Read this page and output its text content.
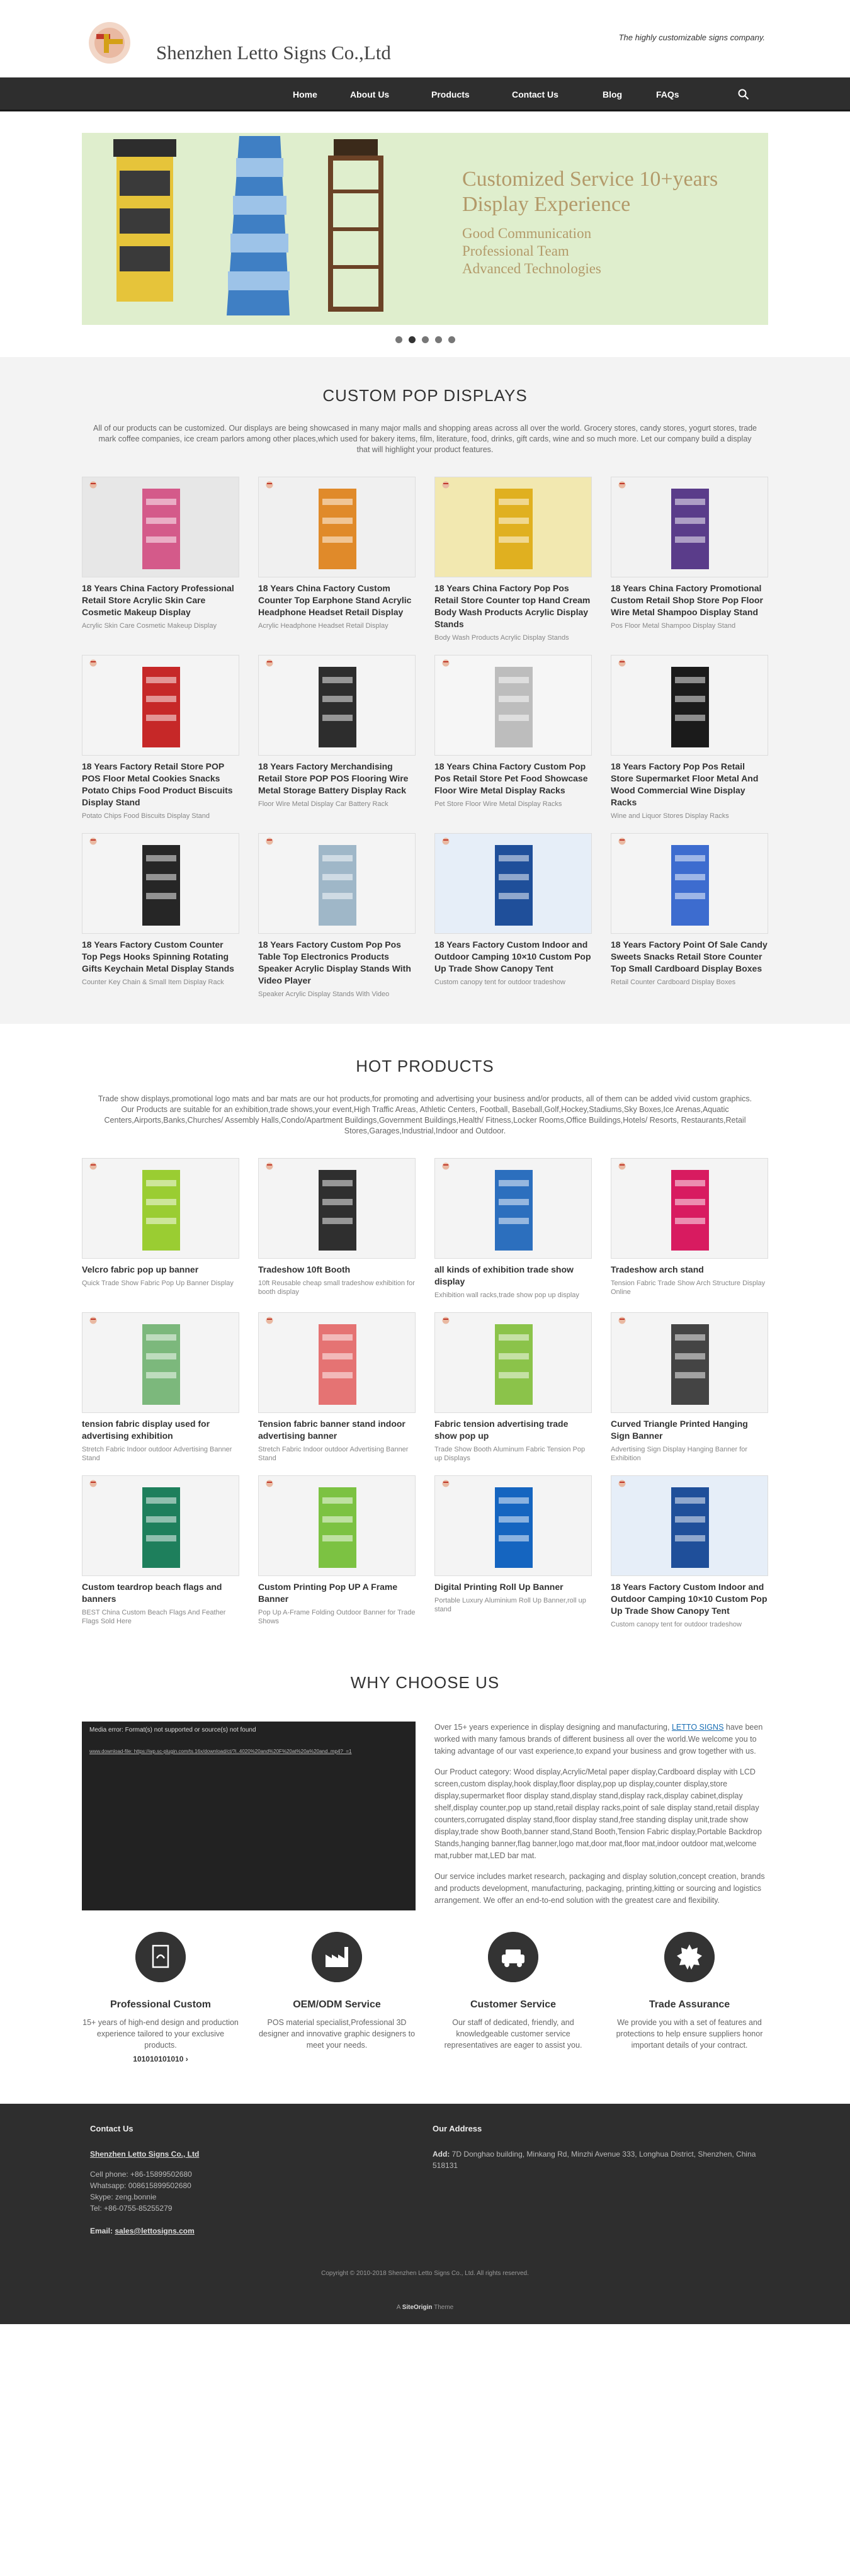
Shenzhen Letto Signs Co.,Ltd
The highly customizable signs company.
Home	About Us	Products	Contact Us	Blog	FAQs
Customized Service 10+years
Display Experience
Good Communication
Professional Team
Advanced Technologies
CUSTOM POP DISPLAYS

All of our products can be customized. Our displays are being showcased in many major malls and shopping areas across all over the world. Grocery stores, candy stores, yogurt stores, trade mark coffee companies, ice cream parlors among other places,which used for bakery items, film, literature, food, drinks, gift cards, wine and so much more. Let our company build a display that will highlight your product features.

18 Years China Factory Professional Retail Store Acrylic Skin Care Cosmetic Makeup Display
Acrylic Skin Care Cosmetic Makeup Display
18 Years China Factory Custom Counter Top Earphone Stand Acrylic Headphone Headset Retail Display
Acrylic Headphone Headset Retail Display
18 Years China Factory Pop Pos Retail Store Counter top Hand Cream Body Wash Products Acrylic Display Stands
Body Wash Products Acrylic Display Stands
18 Years China Factory Promotional Custom Retail Shop Store Pop Floor Wire Metal Shampoo Display Stand
Pos Floor Metal Shampoo Display Stand
18 Years Factory Retail Store POP POS Floor Metal Cookies Snacks Potato Chips Food Product Biscuits Display Stand
Potato Chips Food Biscuits Display Stand
18 Years Factory Merchandising Retail Store POP POS Flooring Wire Metal Storage Battery Display Rack
Floor Wire Metal Display Car Battery Rack
18 Years China Factory Custom Pop Pos Retail Store Pet Food Showcase Floor Wire Metal Display Racks
Pet Store Floor Wire Metal Display Racks
18 Years Factory Pop Pos Retail Store Supermarket Floor Metal And Wood Commercial Wine Display Racks
Wine and Liquor Stores Display Racks
18 Years Factory Custom Counter Top Pegs Hooks Spinning Rotating Gifts Keychain Metal Display Stands
Counter Key Chain & Small Item Display Rack
18 Years Factory Custom Pop Pos Table Top Electronics Products Speaker Acrylic Display Stands With Video Player
Speaker Acrylic Display Stands With Video
18 Years Factory Custom Indoor and Outdoor Camping 10×10 Custom Pop Up Trade Show Canopy Tent
Custom canopy tent for outdoor tradeshow
18 Years Factory Point Of Sale Candy Sweets Snacks Retail Store Counter Top Small Cardboard Display Boxes
Retail Counter Cardboard Display Boxes
HOT PRODUCTS

Trade show displays,promotional logo mats and bar mats are our hot products,for promoting and advertising your business and/or products, all of them can be added vivid custom graphics. Our Products are suitable for an exhibition,trade shows,your event,High Traffic Areas, Athletic Centers, Football, Baseball,Golf,Hockey,Stadiums,Sky Boxes,Ice Arenas,Aquatic Centers,Airports,Banks,Churches/ Assembly Halls,Condo/Apartment Buildings,Government Buildings,Health/ Fitness,Locker Rooms,Office Buildings,Hotels/ Resorts, Restaurants,Retail Stores,Garages,Industrial,Indoor and Outdoor.

Velcro fabric pop up banner
Quick Trade Show Fabric Pop Up Banner Display
Tradeshow 10ft Booth
10ft Reusable cheap small tradeshow exhibition for booth display
all kinds of exhibition trade show display
Exhibition wall racks,trade show pop up display
Tradeshow arch stand
Tension Fabric Trade Show Arch Structure Display Online
tension fabric display used for advertising exhibition
Stretch Fabric Indoor outdoor Advertising Banner Stand
Tension fabric banner stand indoor advertising banner
Stretch Fabric Indoor outdoor Advertising Banner Stand
Fabric tension advertising trade show pop up
Trade Show Booth Aluminum Fabric Tension Pop up Displays
Curved Triangle Printed Hanging Sign Banner
Advertising Sign Display Hanging Banner for Exhibition
Custom teardrop beach flags and banners
BEST China Custom Beach Flags And Feather Flags Sold Here
Custom Printing Pop UP A Frame Banner
Pop Up A-Frame Folding Outdoor Banner for Trade Shows
Digital Printing Roll Up Banner
Portable Luxury Aluminium Roll Up Banner,roll up stand
18 Years Factory Custom Indoor and Outdoor Camping 10×10 Custom Pop Up Trade Show Canopy Tent
Custom canopy tent for outdoor tradeshow
WHY CHOOSE US
Media error: Format(s) not supported or source(s) not found
www.download-file: https://wp.sc-plugin.com/ts.16x/download/ct/?i..4020%20and%20F%20at%20a%20and..mp4?_=1

Over 15+ years experience in display designing and manufacturing, LETTO SIGNS have been worked with many famous brands of different business all over the world.We welcome you to taking advantage of our vast experience,to expand your business and grow together with us.

Our Product category: Wood display,Acrylic/Metal paper display,Cardboard display with LCD screen,custom display,hook display,floor display,pop up display,counter display,store display,supermarket floor display stand,display stand,display rack,display cabinet,display shelf,display counter,pop up stand,retail display racks,point of sale display stand,retail display counters,corrugated display stand,floor display stand,free standing display unit,trade show display,trade show Booth,banner stand,Stand Booth,Tension Fabric display,Portable Backdrop Stands,hanging banner,flag banner,logo mat,door mat,floor mat,indoor outdoor mat,welcome mat,rubber mat,LED bar mat.

Our service includes market research, packaging and display solution,concept creation, brands and products development, manufacturing, packaging, printing,kitting or sourcing and logistics arrangement. We offer an end-to-end solution with the greatest care and flexibility.

Professional Custom
15+ years of high-end design and production experience tailored to your exclusive products.
101010101010 ›
OEM/ODM Service
POS material specialist,Professional 3D designer and innovative graphic designers to meet your needs.
Customer Service
Our staff of dedicated, friendly, and knowledgeable customer service representatives are eager to assist you.
Trade Assurance
We provide you with a set of features and protections to help ensure suppliers honor important details of your contract.
Contact Us
Shenzhen Letto Signs Co., Ltd
Cell phone: +86-15899502680
Whatsapp: 008615899502680
Skype: zeng.bonnie
Tel: +86-0755-85255279
Email: sales@lettosigns.com
Our Address
Add: 7D Donghao building, Minkang Rd, Minzhi Avenue 333, Longhua District, Shenzhen, China 518131
Copyright © 2010-2018 Shenzhen Letto Signs Co., Ltd. All rights reserved.
A SiteOrigin Theme
